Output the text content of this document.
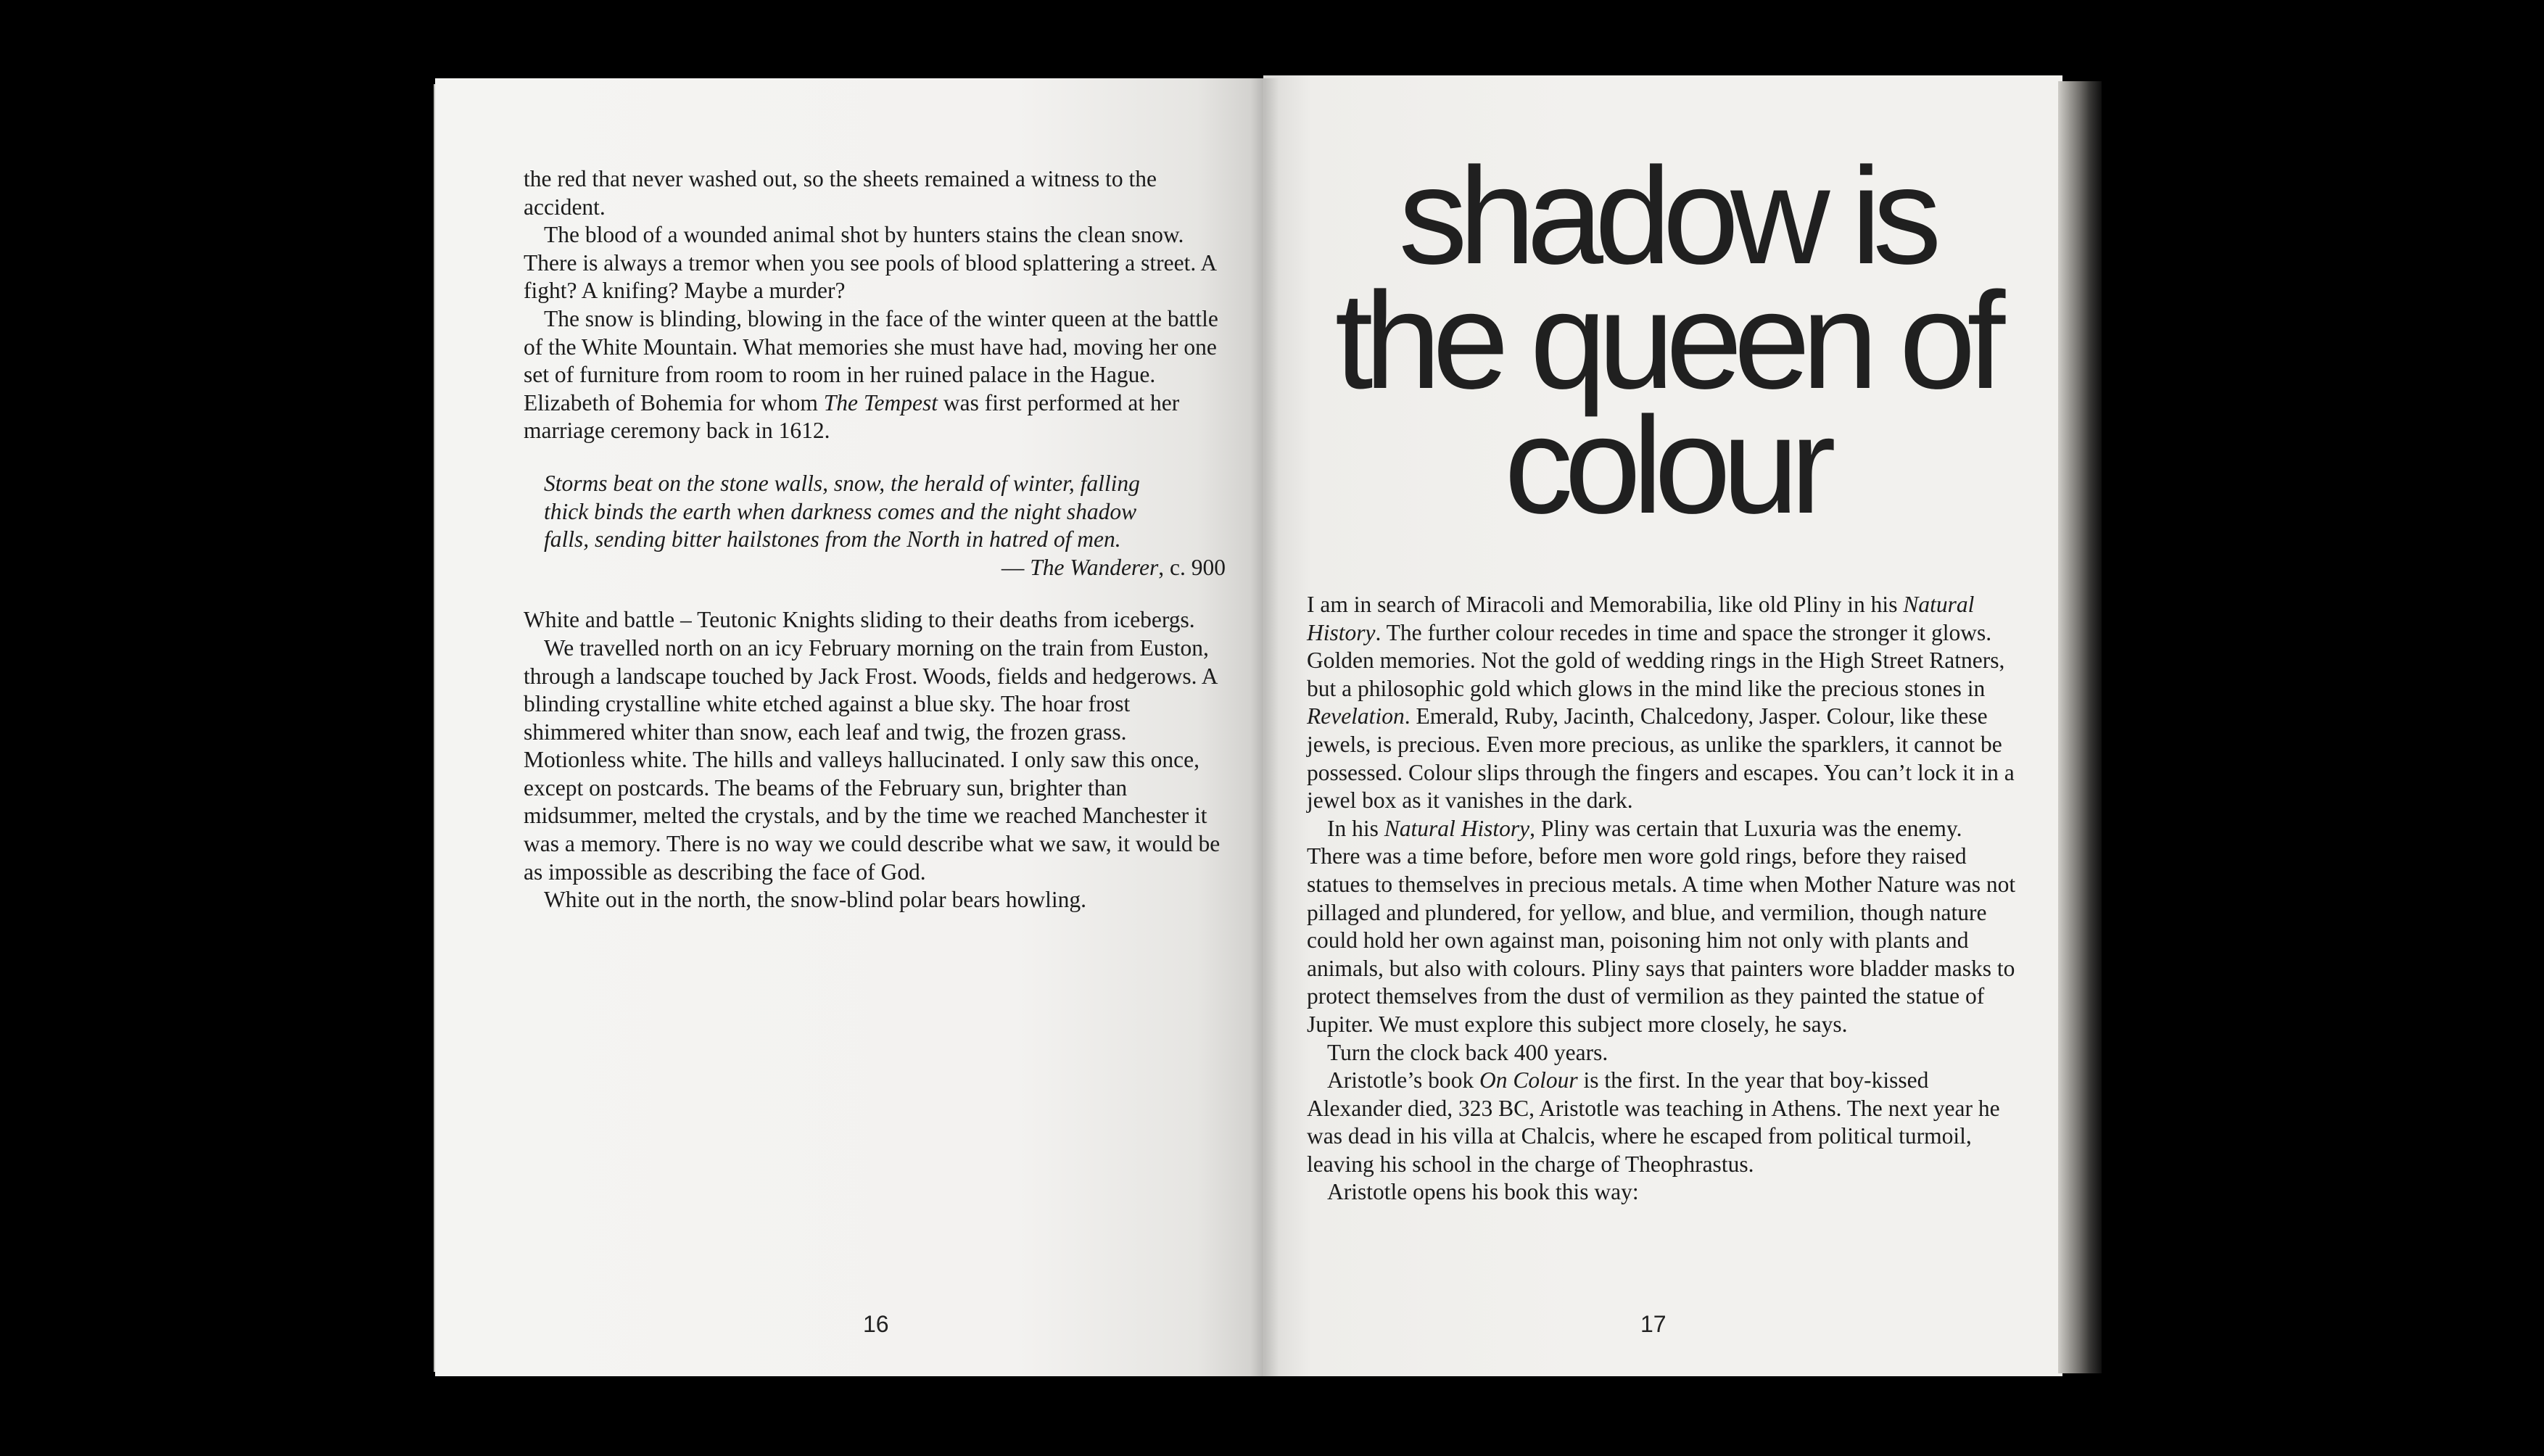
the red that never washed out, so the sheets remained a witness to the accident.

The blood of a wounded animal shot by hunters stains the clean snow. There is always a tremor when you see pools of blood splattering a street. A fight? A knifing? Maybe a murder?

The snow is blinding, blowing in the face of the winter queen at the battle of the White Mountain. What memories she must have had, moving her one set of furniture from room to room in her ruined palace in the Hague. Elizabeth of Bohemia for whom The Tempest was first performed at her marriage ceremony back in 1612.

Storms beat on the stone walls, snow, the herald of winter, falling
thick binds the earth when darkness comes and the night shadow
falls, sending bitter hailstones from the North in hatred of men.
— The Wanderer, c. 900

White and battle – Teutonic Knights sliding to their deaths from icebergs.

We travelled north on an icy February morning on the train from Euston, through a landscape touched by Jack Frost. Woods, fields and hedgerows. A blinding crystalline white etched against a blue sky. The hoar frost shimmered whiter than snow, each leaf and twig, the frozen grass. Motionless white. The hills and valleys hallucinated. I only saw this once, except on postcards. The beams of the February sun, brighter than midsummer, melted the crystals, and by the time we reached Manchester it was a memory. There is no way we could describe what we saw, it would be as impossible as describing the face of God.

White out in the north, the snow-blind polar bears howling.

16
shadow is
the queen of
colour

I am in search of Miracoli and Memorabilia, like old Pliny in his Natural History. The further colour recedes in time and space the stronger it glows. Golden memories. Not the gold of wedding rings in the High Street Ratners, but a philosophic gold which glows in the mind like the precious stones in Revelation. Emerald, Ruby, Jacinth, Chalcedony, Jasper. Colour, like these jewels, is precious. Even more precious, as unlike the sparklers, it cannot be possessed. Colour slips through the fingers and escapes. You can’t lock it in a jewel box as it vanishes in the dark.

In his Natural History, Pliny was certain that Luxuria was the enemy. There was a time before, before men wore gold rings, before they raised statues to themselves in precious metals. A time when Mother Nature was not pillaged and plundered, for yellow, and blue, and vermilion, though nature could hold her own against man, poisoning him not only with plants and animals, but also with colours. Pliny says that painters wore bladder masks to protect themselves from the dust of vermilion as they painted the statue of Jupiter. We must explore this subject more closely, he says.

Turn the clock back 400 years.

Aristotle’s book On Colour is the first. In the year that boy-kissed Alexander died, 323 BC, Aristotle was teaching in Athens. The next year he was dead in his villa at Chalcis, where he escaped from political turmoil, leaving his school in the charge of Theophrastus.

Aristotle opens his book this way:

17
